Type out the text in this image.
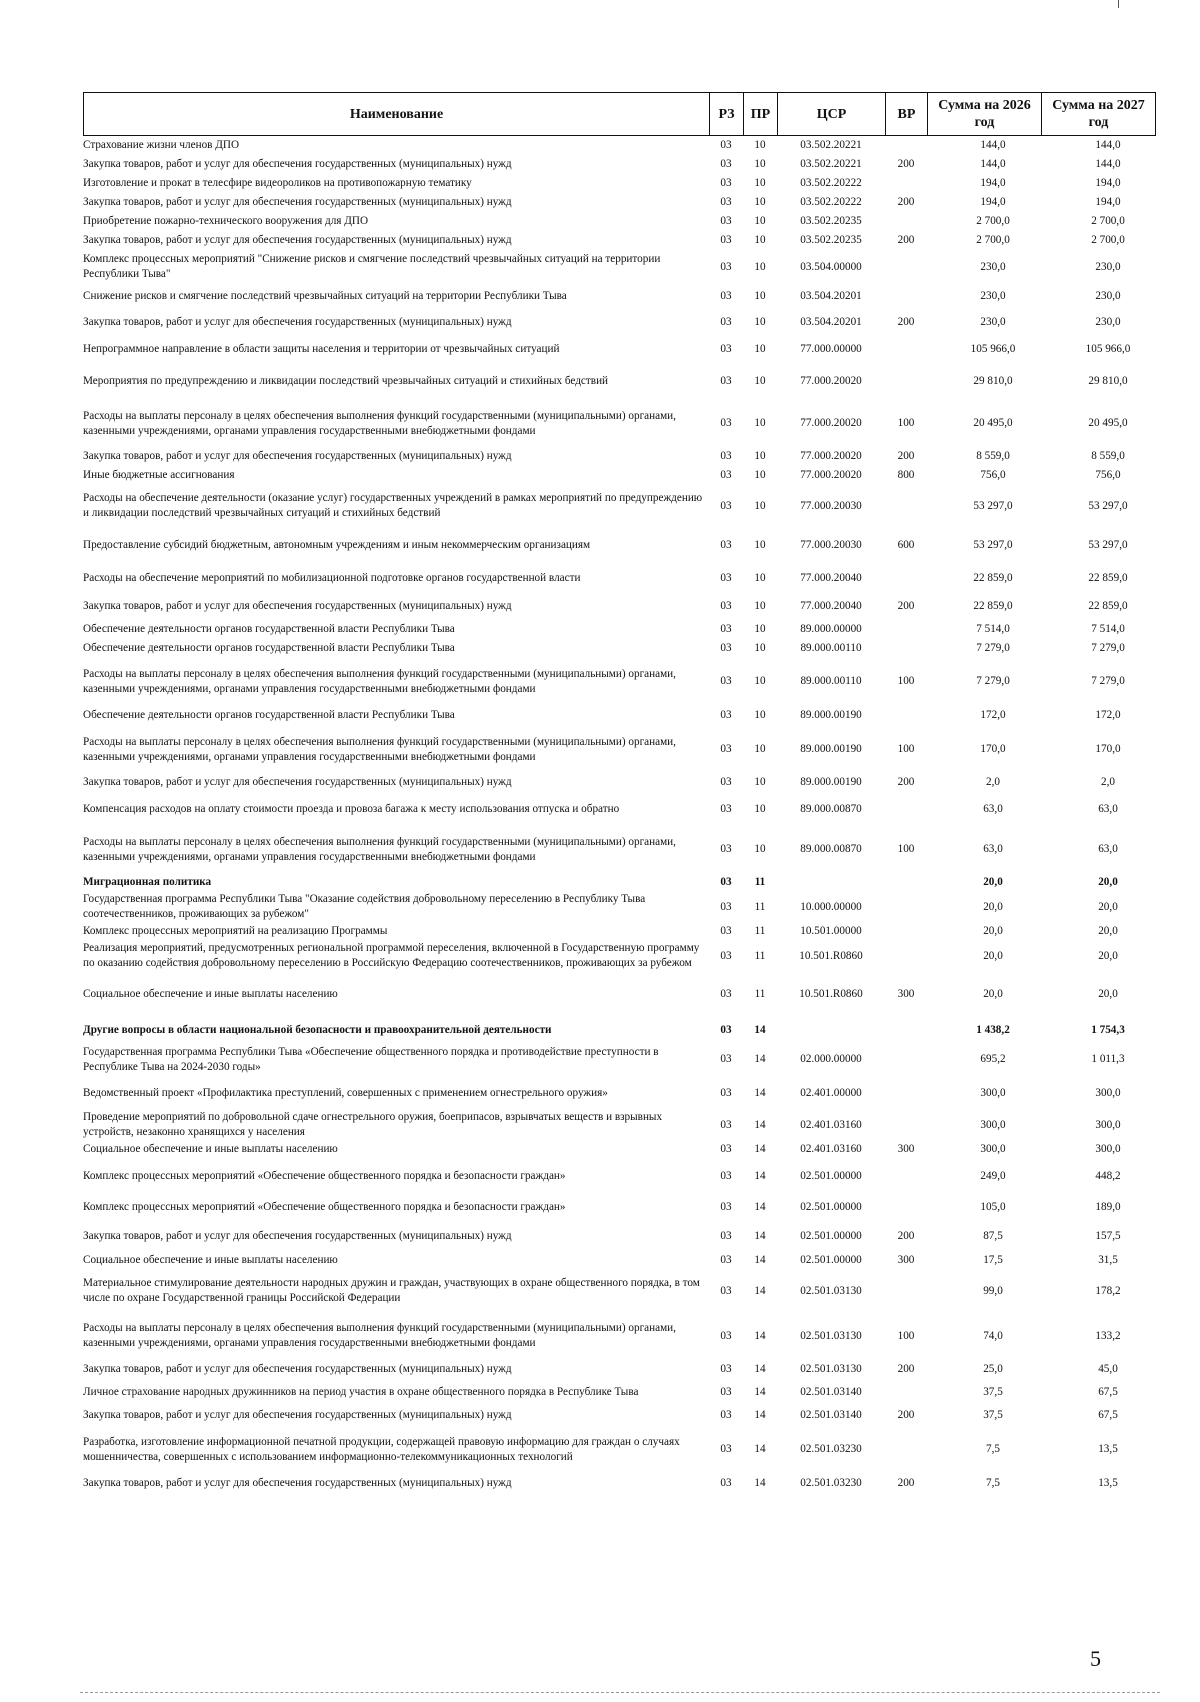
Наименование	РЗ	ПР	ЦСР	ВР	Сумма на 2026 год	Сумма на 2027 год
Страхование жизни членов ДПО	03	10	03.502.20221		144,0	144,0
Закупка товаров, работ и услуг для обеспечения государственных (муниципальных) нужд	03	10	03.502.20221	200	144,0	144,0
Изготовление и прокат в телесфире видеороликов на противопожарную тематику	03	10	03.502.20222		194,0	194,0
Закупка товаров, работ и услуг для обеспечения государственных (муниципальных) нужд	03	10	03.502.20222	200	194,0	194,0
Приобретение пожарно-технического вооружения для ДПО	03	10	03.502.20235		2 700,0	2 700,0
Закупка товаров, работ и услуг для обеспечения государственных (муниципальных) нужд	03	10	03.502.20235	200	2 700,0	2 700,0
Комплекс процессных мероприятий "Снижение рисков и смягчение последствий чрезвычайных ситуаций на территории Республики Тыва"	03	10	03.504.00000		230,0	230,0
Снижение рисков и смягчение последствий чрезвычайных ситуаций на территории Республики Тыва	03	10	03.504.20201		230,0	230,0
Закупка товаров, работ и услуг для обеспечения государственных (муниципальных) нужд	03	10	03.504.20201	200	230,0	230,0
Непрограммное направление в области защиты населения и территории от чрезвычайных ситуаций	03	10	77.000.00000		105 966,0	105 966,0
Мероприятия по предупреждению и ликвидации последствий чрезвычайных ситуаций и стихийных бедствий	03	10	77.000.20020		29 810,0	29 810,0
Расходы на выплаты персоналу в целях обеспечения выполнения функций государственными (муниципальными) органами, казенными учреждениями, органами управления государственными внебюджетными фондами	03	10	77.000.20020	100	20 495,0	20 495,0
Закупка товаров, работ и услуг для обеспечения государственных (муниципальных) нужд	03	10	77.000.20020	200	8 559,0	8 559,0
Иные бюджетные ассигнования	03	10	77.000.20020	800	756,0	756,0
Расходы на обеспечение деятельности (оказание услуг) государственных учреждений в рамках мероприятий по предупреждению и ликвидации последствий чрезвычайных ситуаций и стихийных бедствий	03	10	77.000.20030		53 297,0	53 297,0
Предоставление субсидий бюджетным, автономным учреждениям и иным некоммерческим организациям	03	10	77.000.20030	600	53 297,0	53 297,0
Расходы на обеспечение мероприятий по мобилизационной подготовке органов государственной власти	03	10	77.000.20040		22 859,0	22 859,0
Закупка товаров, работ и услуг для обеспечения государственных (муниципальных) нужд	03	10	77.000.20040	200	22 859,0	22 859,0
Обеспечение деятельности органов государственной власти Республики Тыва	03	10	89.000.00000		7 514,0	7 514,0
Обеспечение деятельности органов государственной власти Республики Тыва	03	10	89.000.00110		7 279,0	7 279,0
Расходы на выплаты персоналу в целях обеспечения выполнения функций государственными (муниципальными) органами, казенными учреждениями, органами управления государственными внебюджетными фондами	03	10	89.000.00110	100	7 279,0	7 279,0
Обеспечение деятельности органов государственной власти Республики Тыва	03	10	89.000.00190		172,0	172,0
Расходы на выплаты персоналу в целях обеспечения выполнения функций государственными (муниципальными) органами, казенными учреждениями, органами управления государственными внебюджетными фондами	03	10	89.000.00190	100	170,0	170,0
Закупка товаров, работ и услуг для обеспечения государственных (муниципальных) нужд	03	10	89.000.00190	200	2,0	2,0
Компенсация расходов на оплату стоимости проезда и провоза багажа к месту использования отпуска и обратно	03	10	89.000.00870		63,0	63,0
Расходы на выплаты персоналу в целях обеспечения выполнения функций государственными (муниципальными) органами, казенными учреждениями, органами управления государственными внебюджетными фондами	03	10	89.000.00870	100	63,0	63,0
Миграционная политика	03	11			20,0	20,0
Государственная программа Республики Тыва "Оказание содействия добровольному переселению в Республику Тыва соотечественников, проживающих за рубежом"	03	11	10.000.00000		20,0	20,0
Комплекс процессных мероприятий на реализацию Программы	03	11	10.501.00000		20,0	20,0
Реализация мероприятий, предусмотренных региональной программой переселения, включенной в Государственную программу по оказанию содействия добровольному переселению в Российскую Федерацию соотечественников, проживающих за рубежом	03	11	10.501.R0860		20,0	20,0
Социальное обеспечение и иные выплаты населению	03	11	10.501.R0860	300	20,0	20,0
Другие вопросы в области национальной безопасности и правоохранительной деятельности	03	14			1 438,2	1 754,3
Государственная программа Республики Тыва «Обеспечение общественного порядка и противодействие преступности в Республике Тыва на 2024-2030 годы»	03	14	02.000.00000		695,2	1 011,3
Ведомственный проект «Профилактика преступлений, совершенных с применением огнестрельного оружия»	03	14	02.401.00000		300,0	300,0
Проведение мероприятий по добровольной сдаче огнестрельного оружия, боеприпасов, взрывчатых веществ и взрывных устройств, незаконно хранящихся у населения	03	14	02.401.03160		300,0	300,0
Социальное обеспечение и иные выплаты населению	03	14	02.401.03160	300	300,0	300,0
Комплекс процессных мероприятий «Обеспечение общественного порядка и безопасности граждан»	03	14	02.501.00000		249,0	448,2
Комплекс процессных мероприятий «Обеспечение общественного порядка и безопасности граждан»	03	14	02.501.00000		105,0	189,0
Закупка товаров, работ и услуг для обеспечения государственных (муниципальных) нужд	03	14	02.501.00000	200	87,5	157,5
Социальное обеспечение и иные выплаты населению	03	14	02.501.00000	300	17,5	31,5
Материальное стимулирование деятельности народных дружин и граждан, участвующих в охране общественного порядка, в том числе по охране Государственной границы Российской Федерации	03	14	02.501.03130		99,0	178,2
Расходы на выплаты персоналу в целях обеспечения выполнения функций государственными (муниципальными) органами, казенными учреждениями, органами управления государственными внебюджетными фондами	03	14	02.501.03130	100	74,0	133,2
Закупка товаров, работ и услуг для обеспечения государственных (муниципальных) нужд	03	14	02.501.03130	200	25,0	45,0
Личное страхование народных дружинников на период участия в охране общественного порядка в Республике Тыва	03	14	02.501.03140		37,5	67,5
Закупка товаров, работ и услуг для обеспечения государственных (муниципальных) нужд	03	14	02.501.03140	200	37,5	67,5
Разработка, изготовление информационной печатной продукции, содержащей правовую информацию для граждан о случаях мошенничества, совершенных с использованием информационно-телекоммуникационных технологий	03	14	02.501.03230		7,5	13,5
Закупка товаров, работ и услуг для обеспечения государственных (муниципальных) нужд	03	14	02.501.03230	200	7,5	13,5
5
